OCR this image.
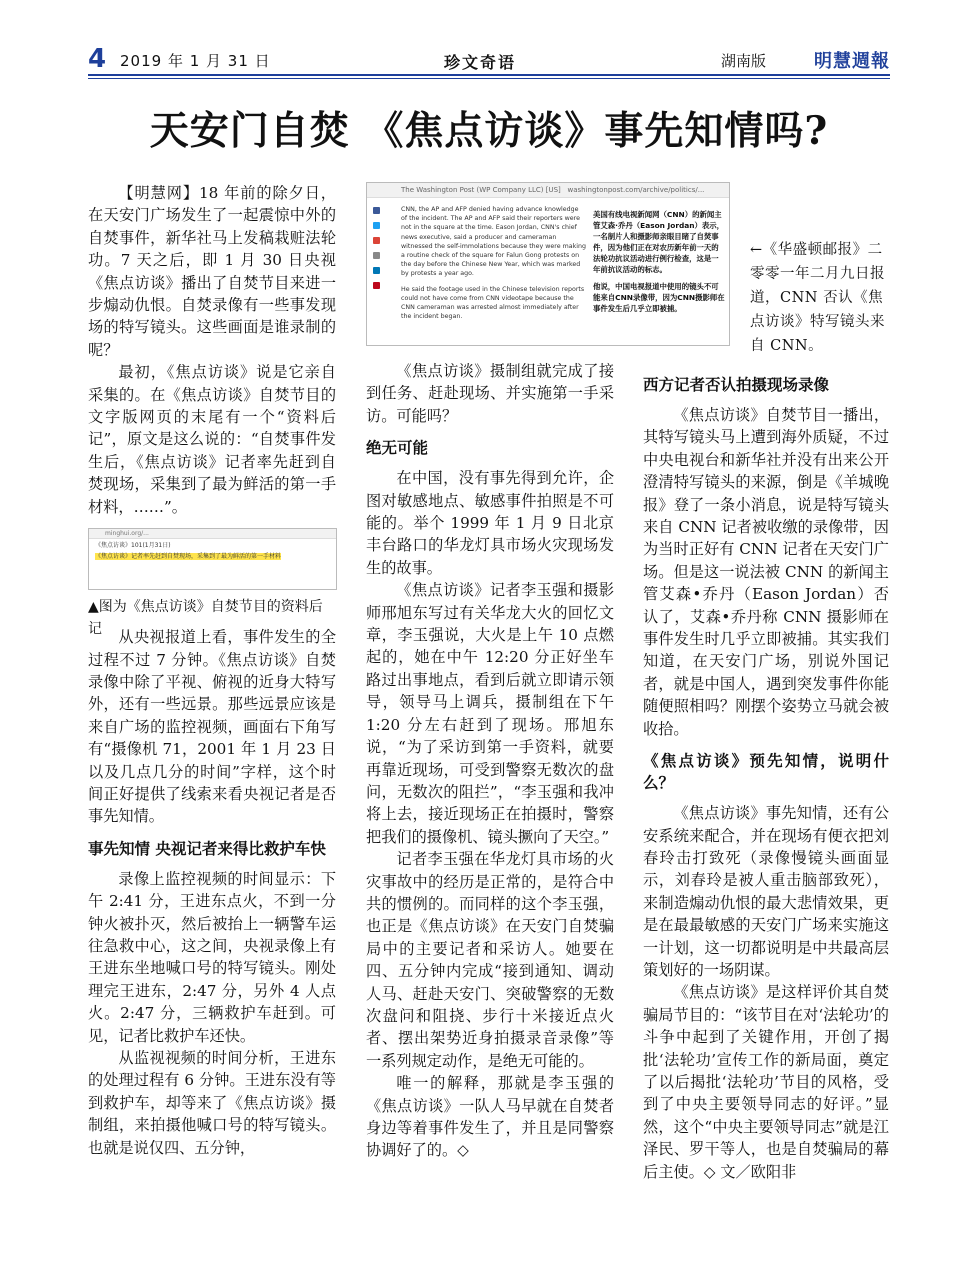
4 2019 年 1 月 31 日	珍文奇语	湖南版	明慧週報
天安门自焚 《焦点访谈》事先知情吗?

【明慧网】18 年前的除夕日，在天安门广场发生了一起震惊中外的自焚事件，新华社马上发稿栽赃法轮功。7 天之后，即 1 月 30 日央视《焦点访谈》播出了自焚节目来进一步煽动仇恨。自焚录像有一些事发现场的特写镜头。这些画面是谁录制的呢？

最初，《焦点访谈》说是它亲自采集的。在《焦点访谈》自焚节目的文字版网页的末尾有一个“资料后记”，原文是这么说的：“自焚事件发生后，《焦点访谈》记者率先赶到自焚现场，采集到了最为鲜活的第一手材料，……”。

从央视报道上看，事件发生的全过程不过 7 分钟。《焦点访谈》自焚录像中除了平视、俯视的近身大特写外，还有一些远景。那些远景应该是来自广场的监控视频，画面右下角写有“摄像机 71，2001 年 1 月 23 日以及几点几分的时间”字样，这个时间正好提供了线索来看央视记者是否事先知情。

事先知情 央视记者来得比救护车快

录像上监控视频的时间显示：下午 2:41 分，王进东点火，不到一分钟火被扑灭，然后被抬上一辆警车运往急救中心，这之间，央视录像上有王进东坐地喊口号的特写镜头。刚处理完王进东，2:47 分，另外 4 人点火。2:47 分，三辆救护车赶到。可见，记者比救护车还快。

从监视视频的时间分析，王进东的处理过程有 6 分钟。王进东没有等到救护车，却等来了《焦点访谈》摄制组，来拍摄他喊口号的特写镜头。也就是说仅四、五分钟，

minghui.org/...
《焦点访谈》101(1月31日)
《焦点访谈》记者率先赶到自焚现场，采集到了最为鲜活的第一手材料
▲图为《焦点访谈》自焚节目的资料后记
The Washington Post (WP Company LLC) [US] washingtonpost.com/archive/politics/...
CNN, the AP and AFP denied having advance knowledge of the incident. The AP and AFP said their reporters were not in the square at the time. Eason Jordan, CNN's chief news executive, said a producer and cameraman witnessed the self-immolations because they were making a routine check of the square for Falun Gong protests on the day before the Chinese New Year, which was marked by protests a year ago.
He said the footage used in the Chinese television reports could not have come from CNN videotape because the CNN cameraman was arrested almost immediately after the incident began.
美国有线电视新闻网（CNN）的新闻主管艾森·乔丹（Eason Jordan）表示，一名制片人和摄影师亲眼目睹了自焚事件，因为他们正在对农历新年前一天的法轮功抗议活动进行例行检查，这是一年前抗议活动的标志。
他说，中国电视报道中使用的镜头不可能来自CNN录像带，因为CNN摄影师在事件发生后几乎立即被捕。
←《华盛顿邮报》二零零一年二月九日报道，CNN 否认《焦点访谈》特写镜头来自 CNN。

《焦点访谈》摄制组就完成了接到任务、赶赴现场、并实施第一手采访。可能吗？

绝无可能

在中国，没有事先得到允许，企图对敏感地点、敏感事件拍照是不可能的。举个 1999 年 1 月 9 日北京丰台路口的华龙灯具市场火灾现场发生的故事。

《焦点访谈》记者李玉强和摄影师邢旭东写过有关华龙大火的回忆文章，李玉强说，大火是上午 10 点燃起的，她在中午 12:20 分正好坐车路过出事地点，看到后就立即请示领导，领导马上调兵，摄制组在下午 1:20 分左右赶到了现场。邢旭东说，“为了采访到第一手资料，就要再靠近现场，可受到警察无数次的盘问，无数次的阻拦”，“李玉强和我冲将上去，接近现场正在拍摄时，警察把我们的摄像机、镜头撅向了天空。”

记者李玉强在华龙灯具市场的火灾事故中的经历是正常的，是符合中共的惯例的。而同样的这个李玉强，也正是《焦点访谈》在天安门自焚骗局中的主要记者和采访人。她要在四、五分钟内完成“接到通知、调动人马、赶赴天安门、突破警察的无数次盘问和阻挠、步行十米接近点火者、摆出架势近身拍摄录音录像”等一系列规定动作，是绝无可能的。

唯一的解释，那就是李玉强的《焦点访谈》一队人马早就在自焚者身边等着事件发生了，并且是同警察协调好了的。◇

西方记者否认拍摄现场录像

《焦点访谈》自焚节目一播出，其特写镜头马上遭到海外质疑，不过中央电视台和新华社并没有出来公开澄清特写镜头的来源，倒是《羊城晚报》登了一条小消息，说是特写镜头来自 CNN 记者被收缴的录像带，因为当时正好有 CNN 记者在天安门广场。但是这一说法被 CNN 的新闻主管艾森•乔丹（Eason Jordan）否认了，艾森•乔丹称 CNN 摄影师在事件发生时几乎立即被捕。其实我们知道，在天安门广场，别说外国记者，就是中国人，遇到突发事件你能随便照相吗？刚摆个姿势立马就会被收拾。

《焦点访谈》预先知情，说明什么？

《焦点访谈》事先知情，还有公安系统来配合，并在现场有便衣把刘春玲击打致死（录像慢镜头画面显示，刘春玲是被人重击脑部致死），来制造煽动仇恨的最大悲情效果，更是在最最敏感的天安门广场来实施这一计划，这一切都说明是中共最高层策划好的一场阴谋。

《焦点访谈》是这样评价其自焚骗局节目的：“该节目在对‘法轮功’的斗争中起到了关键作用，开创了揭批‘法轮功’宣传工作的新局面，奠定了以后揭批‘法轮功’节目的风格，受到了中央主要领导同志的好评。”显然，这个“中央主要领导同志”就是江泽民、罗干等人，也是自焚骗局的幕后主使。◇ 文／欧阳非
